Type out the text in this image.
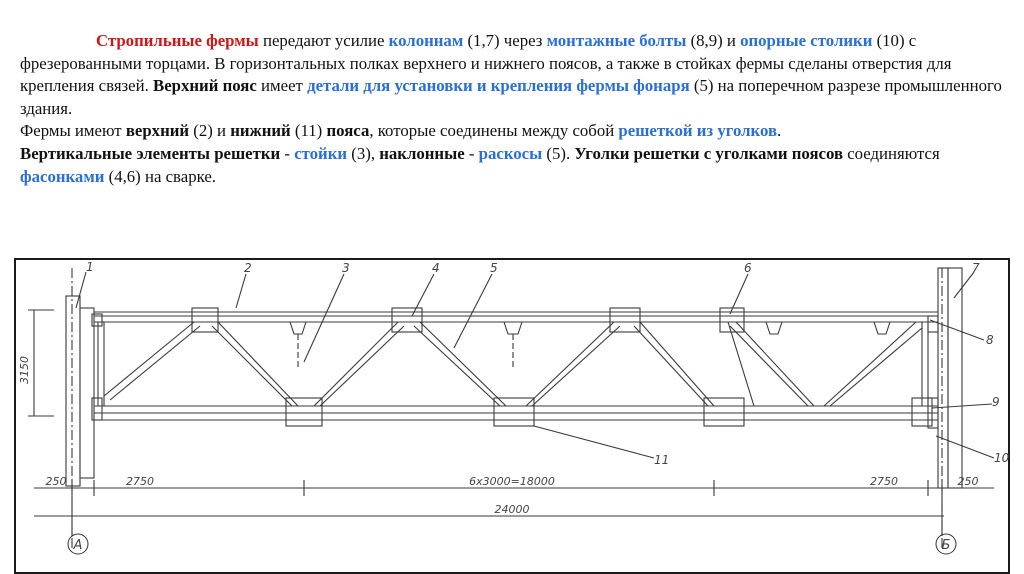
Стропильные фермы передают усилие колоннам (1,7) через монтажные болты (8,9) и опорные столики (10) с фрезерованными торцами. В горизонтальных полках верхнего и нижнего поясов, а также в стойках фермы сделаны отверстия для крепления связей. Верхний пояс имеет детали для установки и крепления фермы фонаря (5) на поперечном разрезе промышленного здания.
Фермы имеют верхний (2) и нижний (11) пояса, которые соединены между собой решеткой из уголков.
Вертикальные элементы решетки - стойки (3), наклонные - раскосы (5). Уголки решетки с уголками поясов соединяются фасонками (4,6) на сварке.

А	Б
1	2	3	4	5	6	7
8
9
10
11
3150
250	2750	6x3000=18000	2750	250
24000
